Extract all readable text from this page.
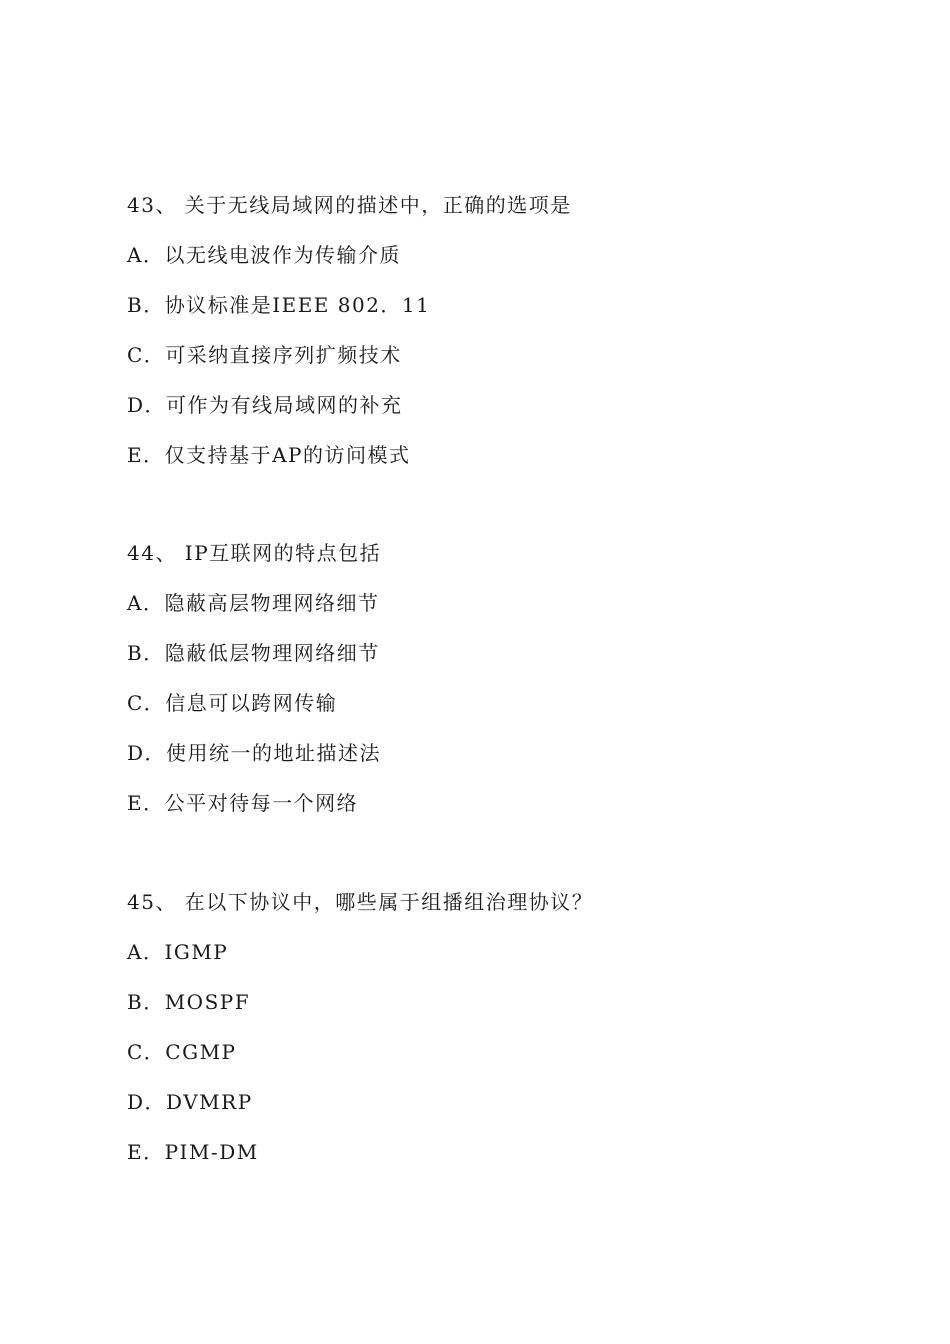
43、 关于无线局域网的描述中，正确的选项是
A．以无线电波作为传输介质
B．协议标准是IEEE 802．11
C．可采纳直接序列扩频技术
D．可作为有线局域网的补充
E．仅支持基于AP的访问模式
44、 IP互联网的特点包括
A．隐蔽高层物理网络细节
B．隐蔽低层物理网络细节
C．信息可以跨网传输
D．使用统一的地址描述法
E．公平对待每一个网络
45、 在以下协议中，哪些属于组播组治理协议？
A．IGMP
B．MOSPF
C．CGMP
D．DVMRP
E．PIM-DM
